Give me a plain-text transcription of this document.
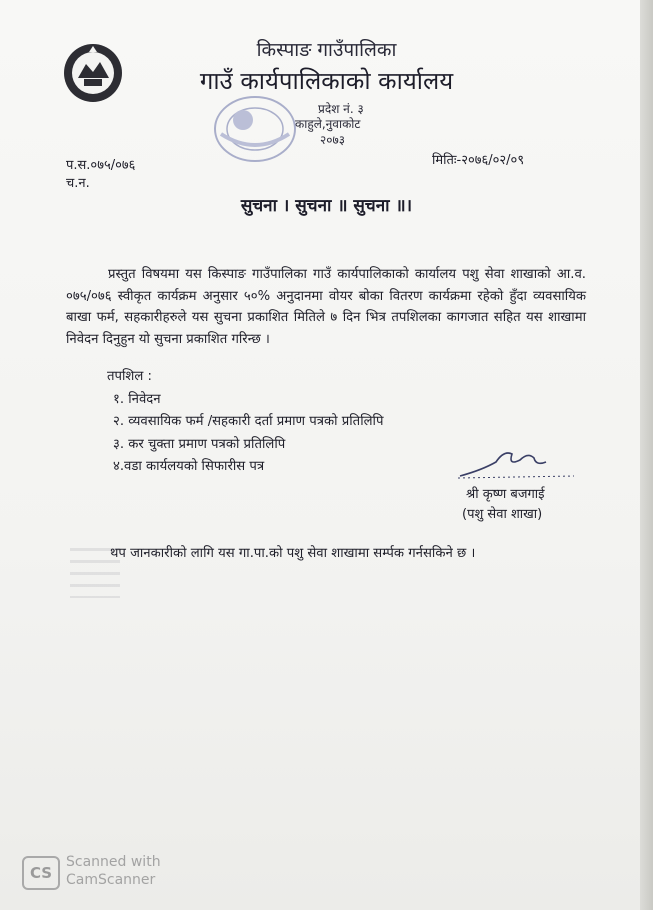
किस्पाङ गाउँपालिका
गाउँ कार्यपालिकाको कार्यालय
प्रदेश नं. ३
काहुले,नुवाकोट
२०७३
प.स.०७५/०७६
च.न.
मितिः-२०७६/०२/०९
सुचना । सुचना ॥ सुचना ॥।
प्रस्तुत विषयमा यस किस्पाङ गाउँपालिका गाउँ कार्यपालिकाको कार्यालय पशु सेवा शाखाको आ.व. ०७५/०७६ स्वीकृत कार्यक्रम अनुसार ५०% अनुदानमा वोयर बोका वितरण कार्यक्रमा रहेको हुँदा व्यवसायिक बाखा फर्म, सहकारीहरुले यस सुचना प्रकाशित मितिले ७ दिन भित्र तपशिलका कागजात सहित यस शाखामा निवेदन दिनुहुन यो सुचना प्रकाशित गरिन्छ ।
तपशिल :
१. निवेदन
२. व्यवसायिक फर्म /सहकारी दर्ता प्रमाण पत्रको प्रतिलिपि
३. कर चुक्ता प्रमाण पत्रको प्रतिलिपि
४.वडा कार्यलयको सिफारीस पत्र
श्री कृष्ण बजगाई
(पशु सेवा शाखा)
थप जानकारीको लागि यस गा.पा.को पशु सेवा शाखामा सर्म्पक गर्नसकिने छ ।
CS
Scanned with
CamScanner
